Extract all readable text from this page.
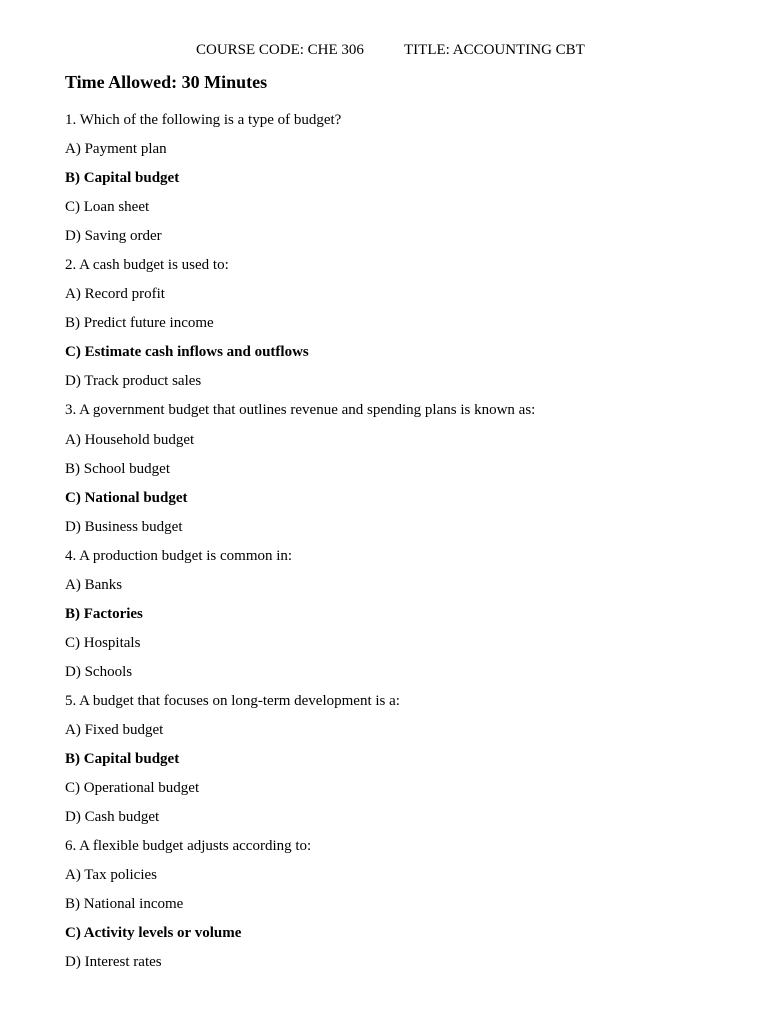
COURSE CODE: CHE 306	TITLE: ACCOUNTING CBT
Time Allowed: 30 Minutes
1. Which of the following is a type of budget?
A) Payment plan
B) Capital budget
C) Loan sheet
D) Saving order
2. A cash budget is used to:
A) Record profit
B) Predict future income
C) Estimate cash inflows and outflows
D) Track product sales
3. A government budget that outlines revenue and spending plans is known as:
A) Household budget
B) School budget
C) National budget
D) Business budget
4. A production budget is common in:
A) Banks
B) Factories
C) Hospitals
D) Schools
5. A budget that focuses on long-term development is a:
A) Fixed budget
B) Capital budget
C) Operational budget
D) Cash budget
6. A flexible budget adjusts according to:
A) Tax policies
B) National income
C) Activity levels or volume
D) Interest rates
